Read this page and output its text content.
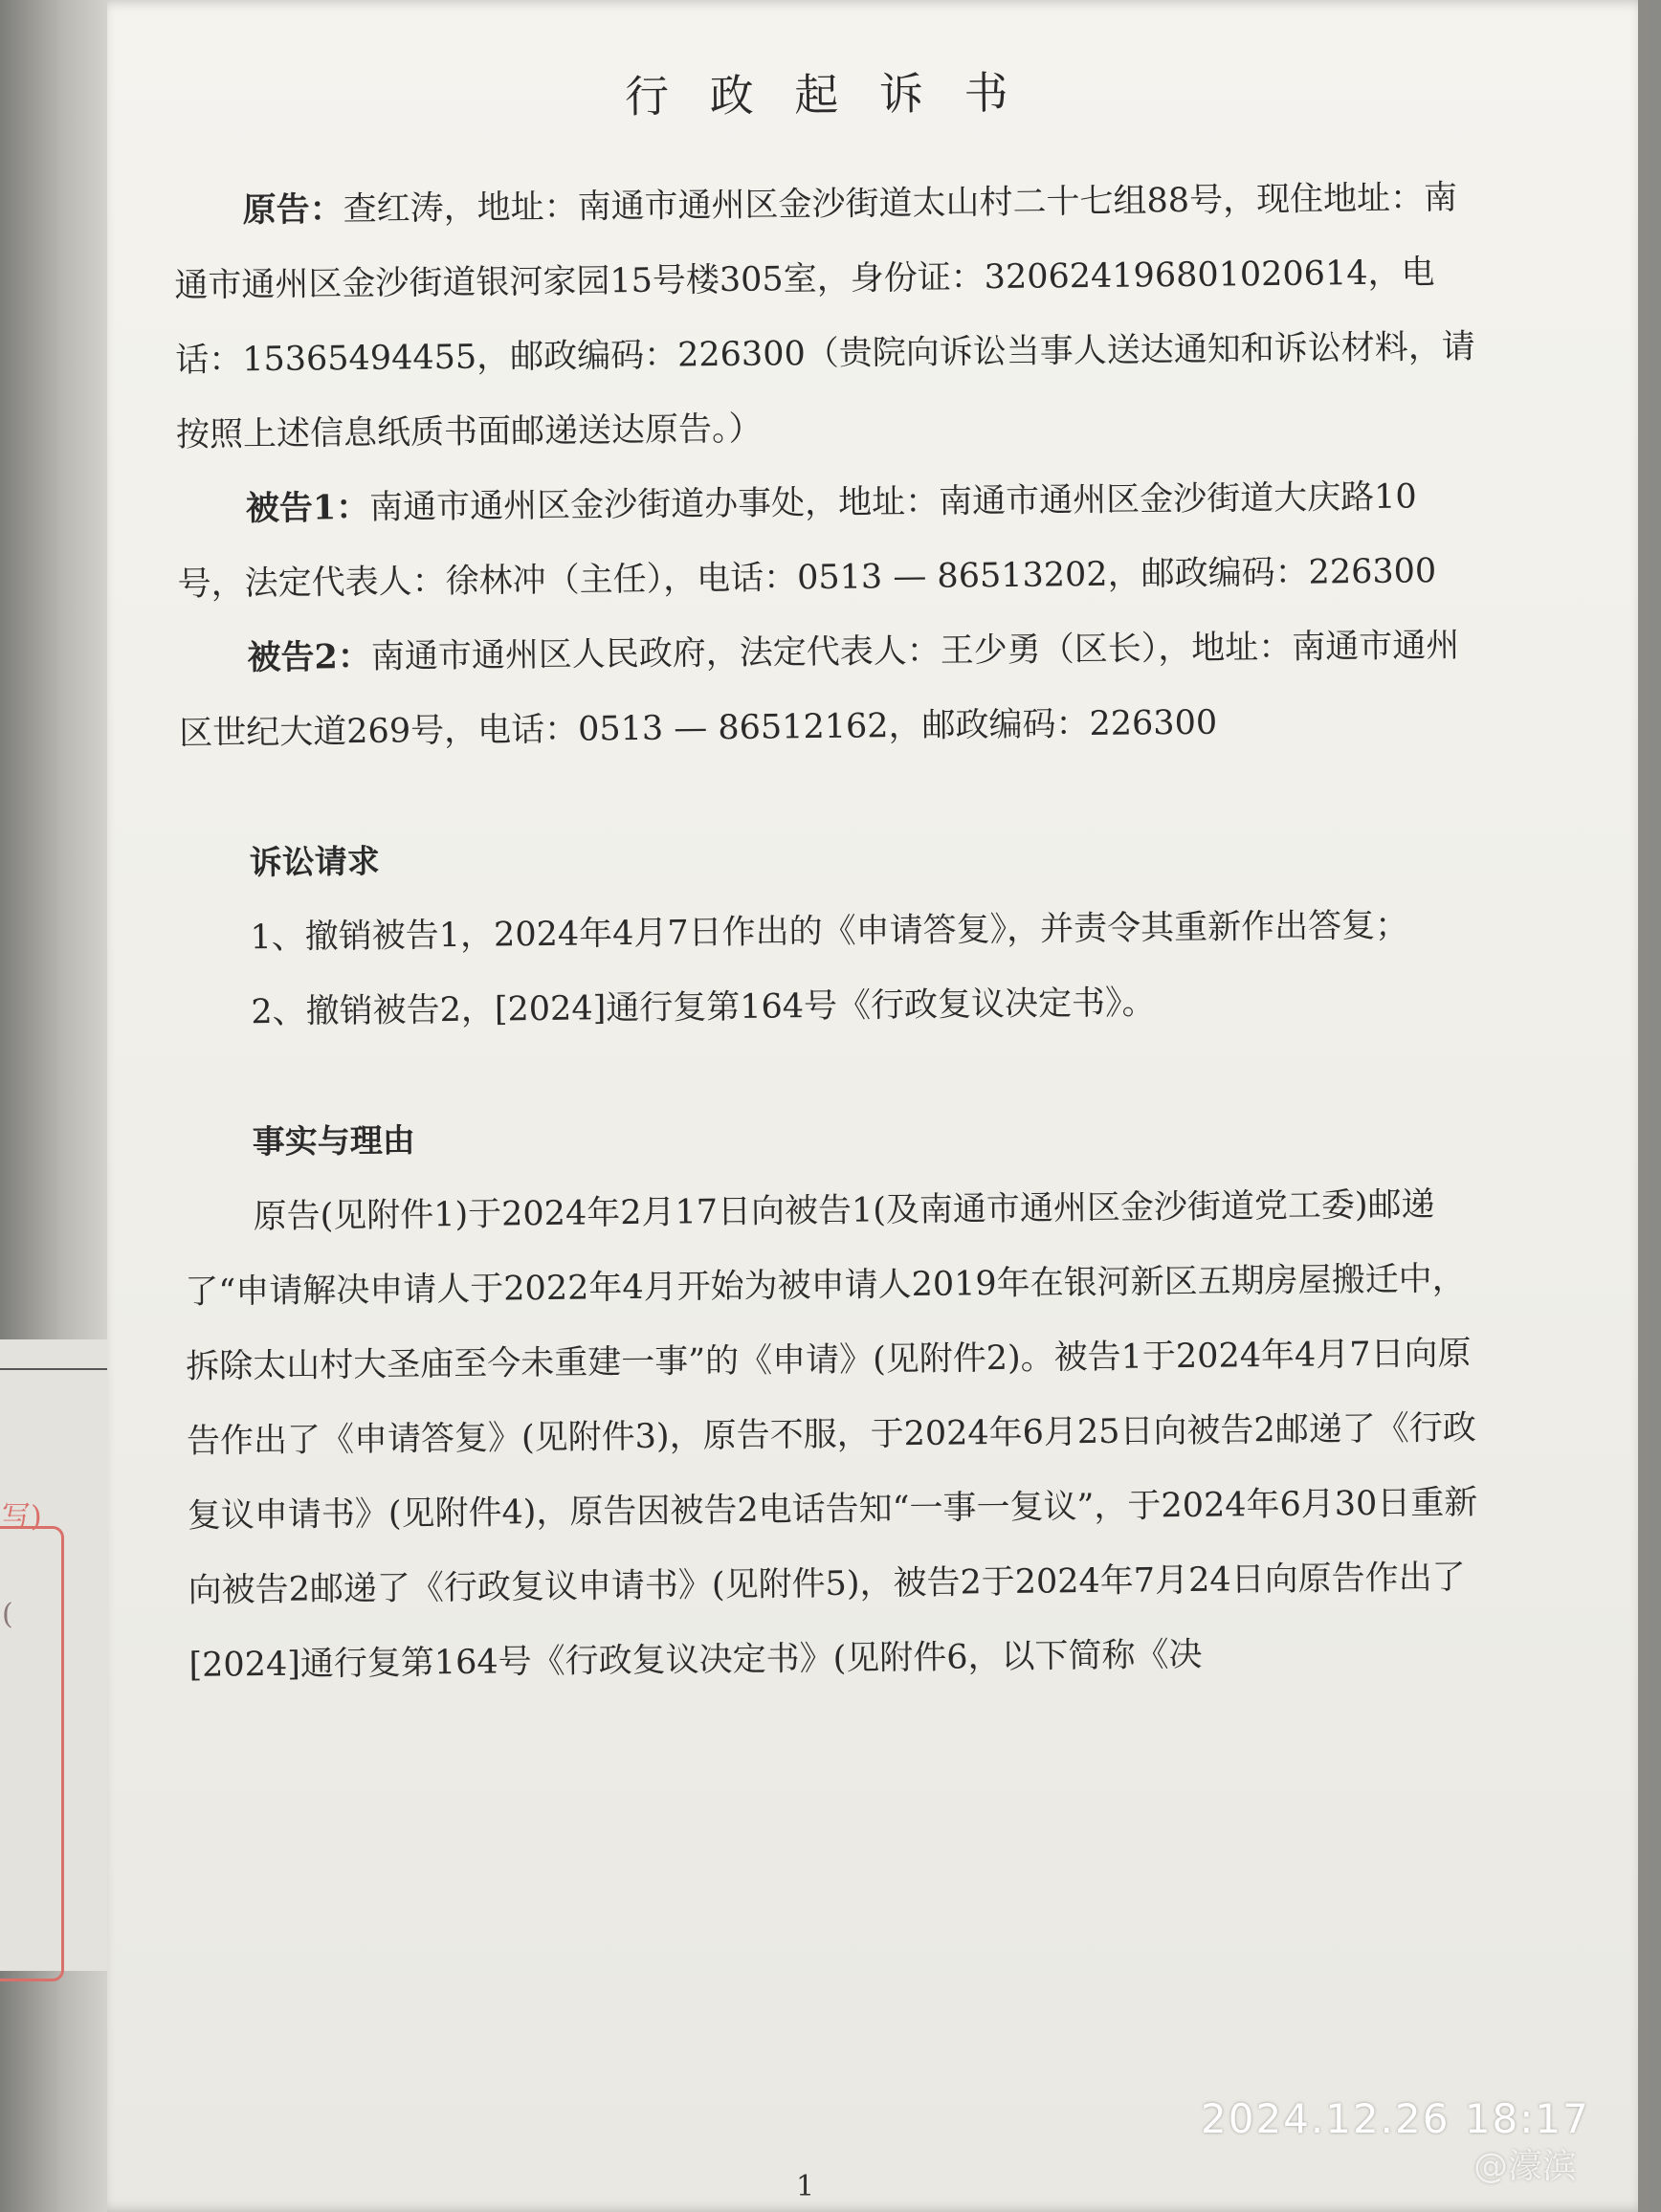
写)
(
行 政 起 诉 书

原告：查红涛，地址：南通市通州区金沙街道太山村二十七组88号，现住地址：南通市通州区金沙街道银河家园15号楼305室，身份证：320624196801020614，电话：15365494455，邮政编码：226300（贵院向诉讼当事人送达通知和诉讼材料，请按照上述信息纸质书面邮递送达原告。）

被告1：南通市通州区金沙街道办事处，地址：南通市通州区金沙街道大庆路10号，法定代表人：徐林冲（主任），电话：0513 — 86513202，邮政编码：226300

被告2：南通市通州区人民政府，法定代表人：王少勇（区长），地址：南通市通州区世纪大道269号，电话：0513 — 86512162，邮政编码：226300

诉讼请求

1、撤销被告1，2024年4月7日作出的《申请答复》，并责令其重新作出答复；

2、撤销被告2，[2024]通行复第164号《行政复议决定书》。

事实与理由

原告(见附件1)于2024年2月17日向被告1(及南通市通州区金沙街道党工委)邮递了“申请解决申请人于2022年4月开始为被申请人2019年在银河新区五期房屋搬迁中，拆除太山村大圣庙至今未重建一事”的《申请》(见附件2)。被告1于2024年4月7日向原告作出了《申请答复》(见附件3)，原告不服，于2024年6月25日向被告2邮递了《行政复议申请书》(见附件4)，原告因被告2电话告知“一事一复议”，于2024年6月30日重新向被告2邮递了《行政复议申请书》(见附件5)，被告2于2024年7月24日向原告作出了[2024]通行复第164号《行政复议决定书》(见附件6，以下简称《决

1
2024.12.26 18:17
@濠滨
